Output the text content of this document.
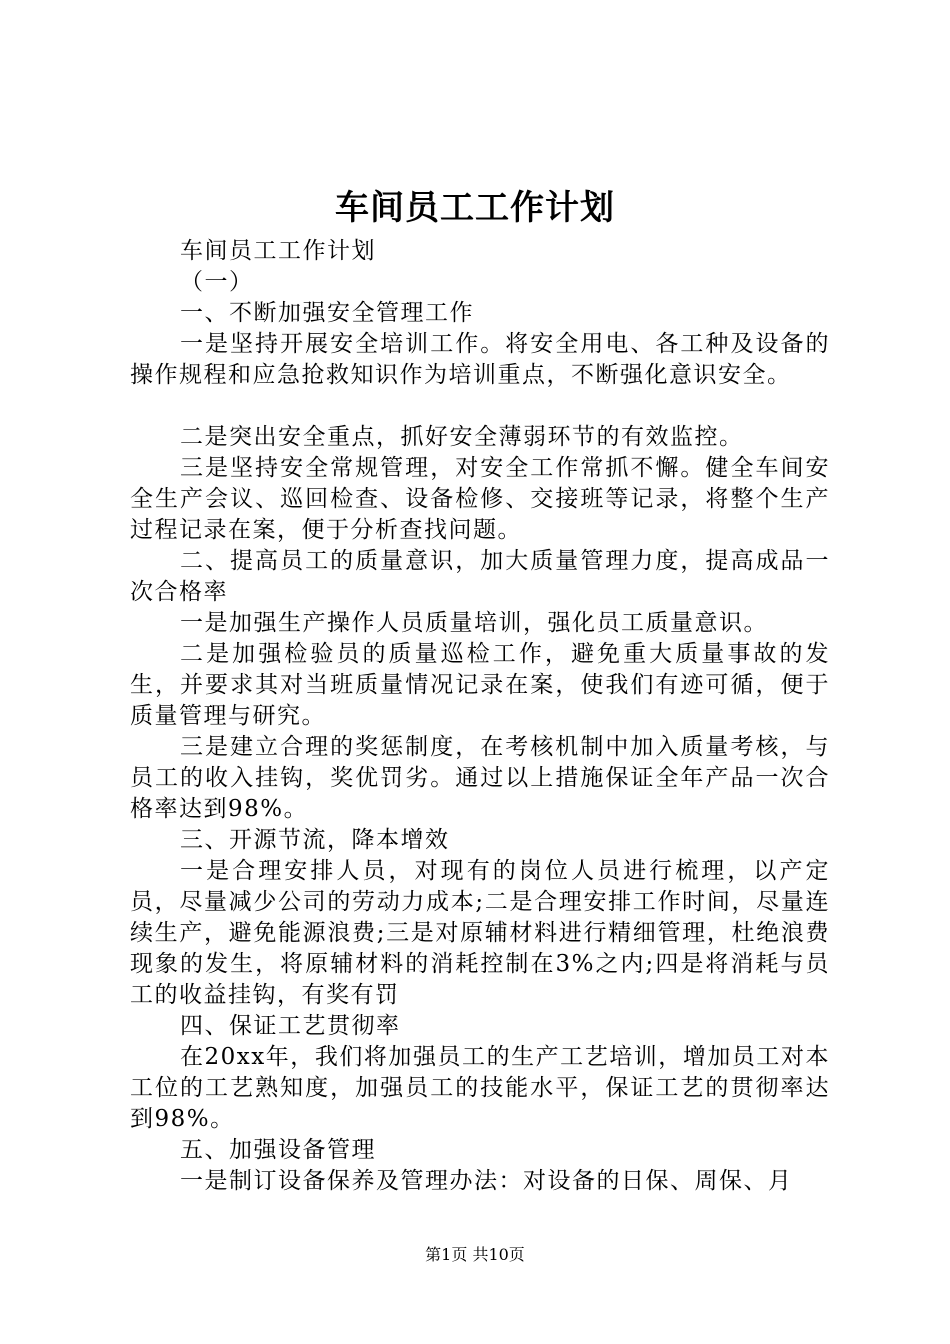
车间员工工作计划

车间员工工作计划

（一）

一、不断加强安全管理工作

一是坚持开展安全培训工作。将安全用电、各工种及设备的操作规程和应急抢救知识作为培训重点，不断强化意识安全。

二是突出安全重点，抓好安全薄弱环节的有效监控。

三是坚持安全常规管理，对安全工作常抓不懈。健全车间安全生产会议、巡回检查、设备检修、交接班等记录，将整个生产过程记录在案，便于分析查找问题。

二、提高员工的质量意识，加大质量管理力度，提高成品一次合格率

一是加强生产操作人员质量培训，强化员工质量意识。

二是加强检验员的质量巡检工作，避免重大质量事故的发生，并要求其对当班质量情况记录在案，使我们有迹可循，便于质量管理与研究。

三是建立合理的奖惩制度，在考核机制中加入质量考核，与员工的收入挂钩，奖优罚劣。通过以上措施保证全年产品一次合格率达到98%。

三、开源节流，降本增效

一是合理安排人员，对现有的岗位人员进行梳理，以产定员，尽量减少公司的劳动力成本;二是合理安排工作时间，尽量连续生产，避免能源浪费;三是对原辅材料进行精细管理，杜绝浪费现象的发生，将原辅材料的消耗控制在3%之内;四是将消耗与员工的收益挂钩，有奖有罚

四、保证工艺贯彻率

在20xx年，我们将加强员工的生产工艺培训，增加员工对本工位的工艺熟知度，加强员工的技能水平，保证工艺的贯彻率达到98%。

五、加强设备管理

一是制订设备保养及管理办法：对设备的日保、周保、月

第1页 共10页
